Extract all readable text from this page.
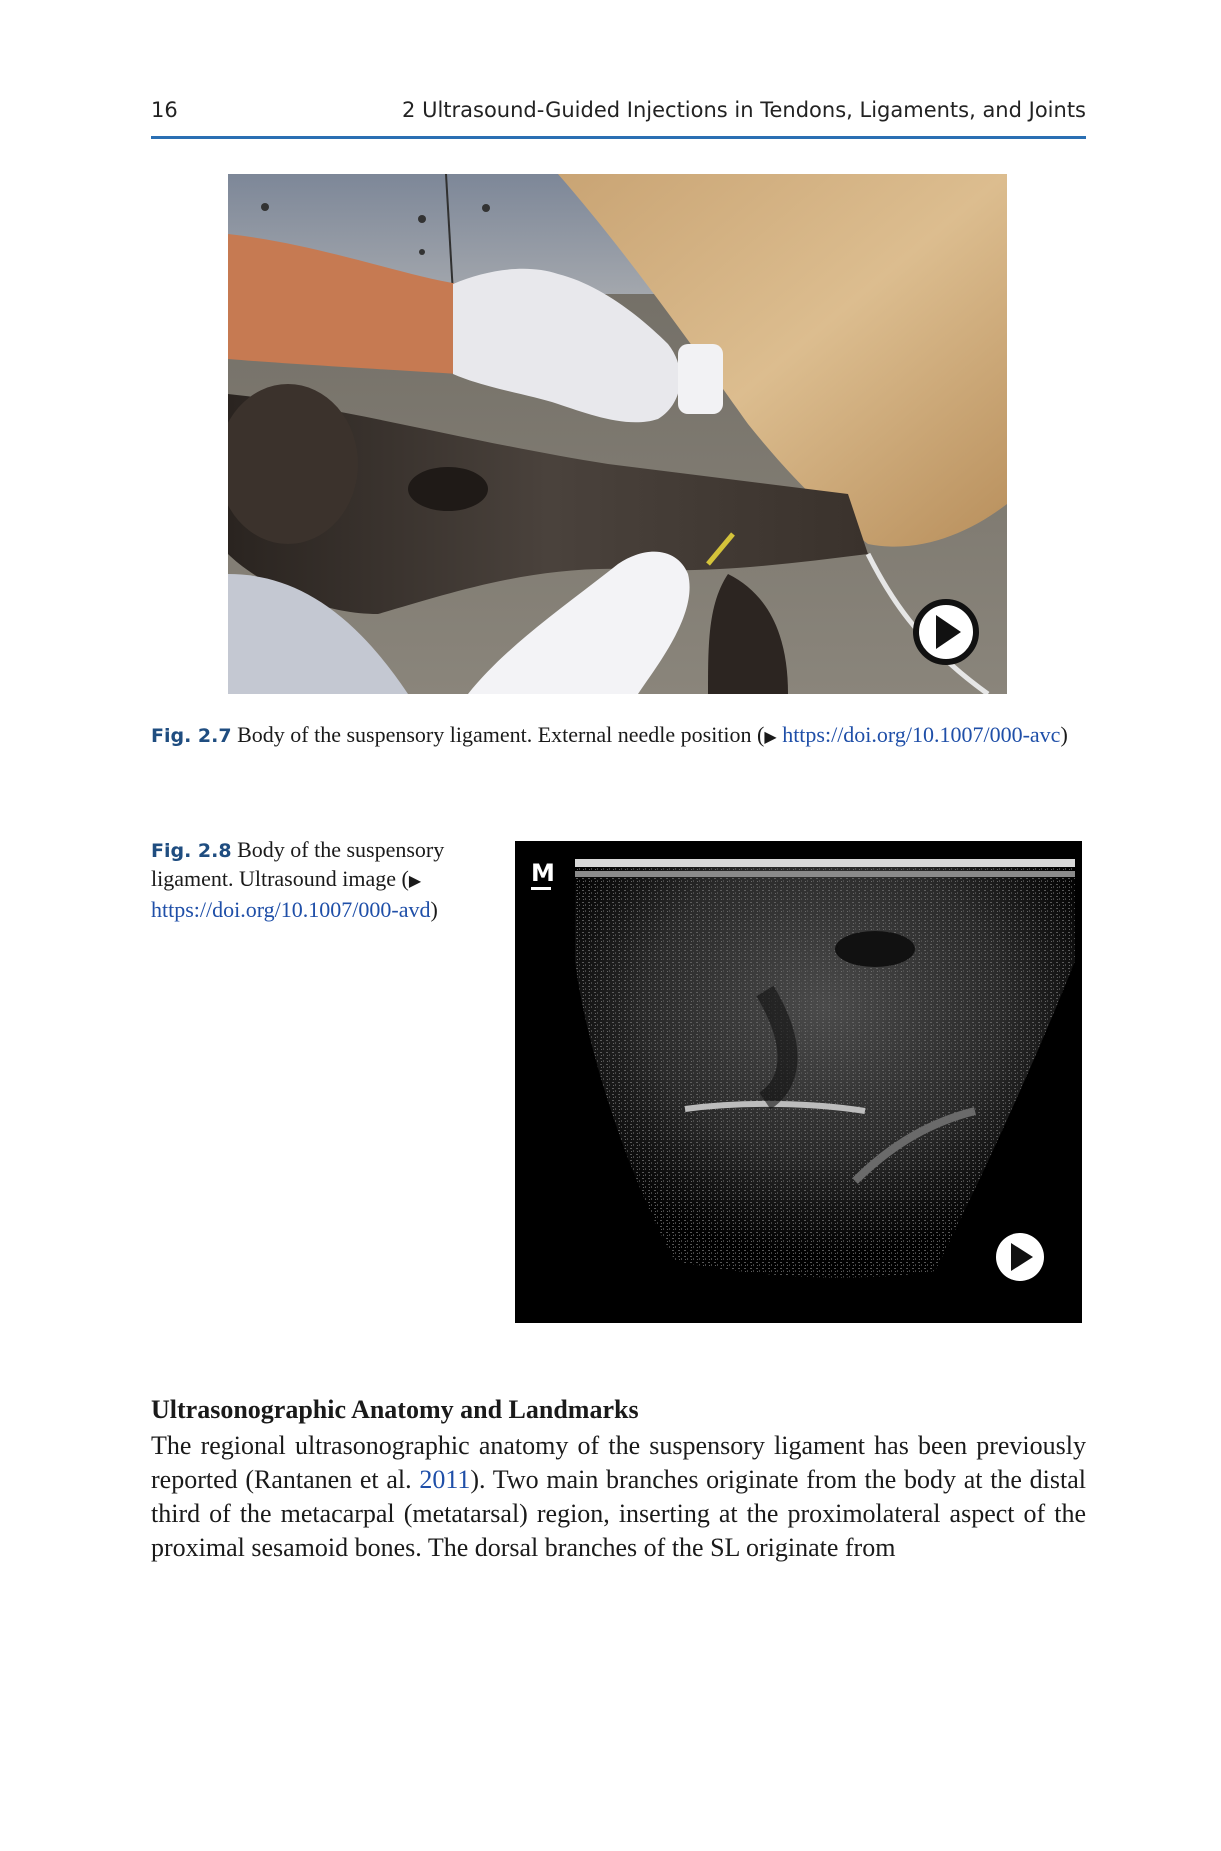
16	2 Ultrasound-Guided Injections in Tendons, Ligaments, and Joints
Fig. 2.7 Body of the suspensory ligament. External needle position (▶ https://doi.org/10.1007/000-avc)
Fig. 2.8 Body of the suspensory ligament. Ultrasound image (▶ https://doi.org/10.1007/000-avd)
M
Ultrasonographic Anatomy and Landmarks
The regional ultrasonographic anatomy of the suspensory ligament has been previously reported (Rantanen et al. 2011). Two main branches originate from the body at the distal third of the metacarpal (metatarsal) region, inserting at the proximolateral aspect of the proximal sesamoid bones. The dorsal branches of the SL originate from
